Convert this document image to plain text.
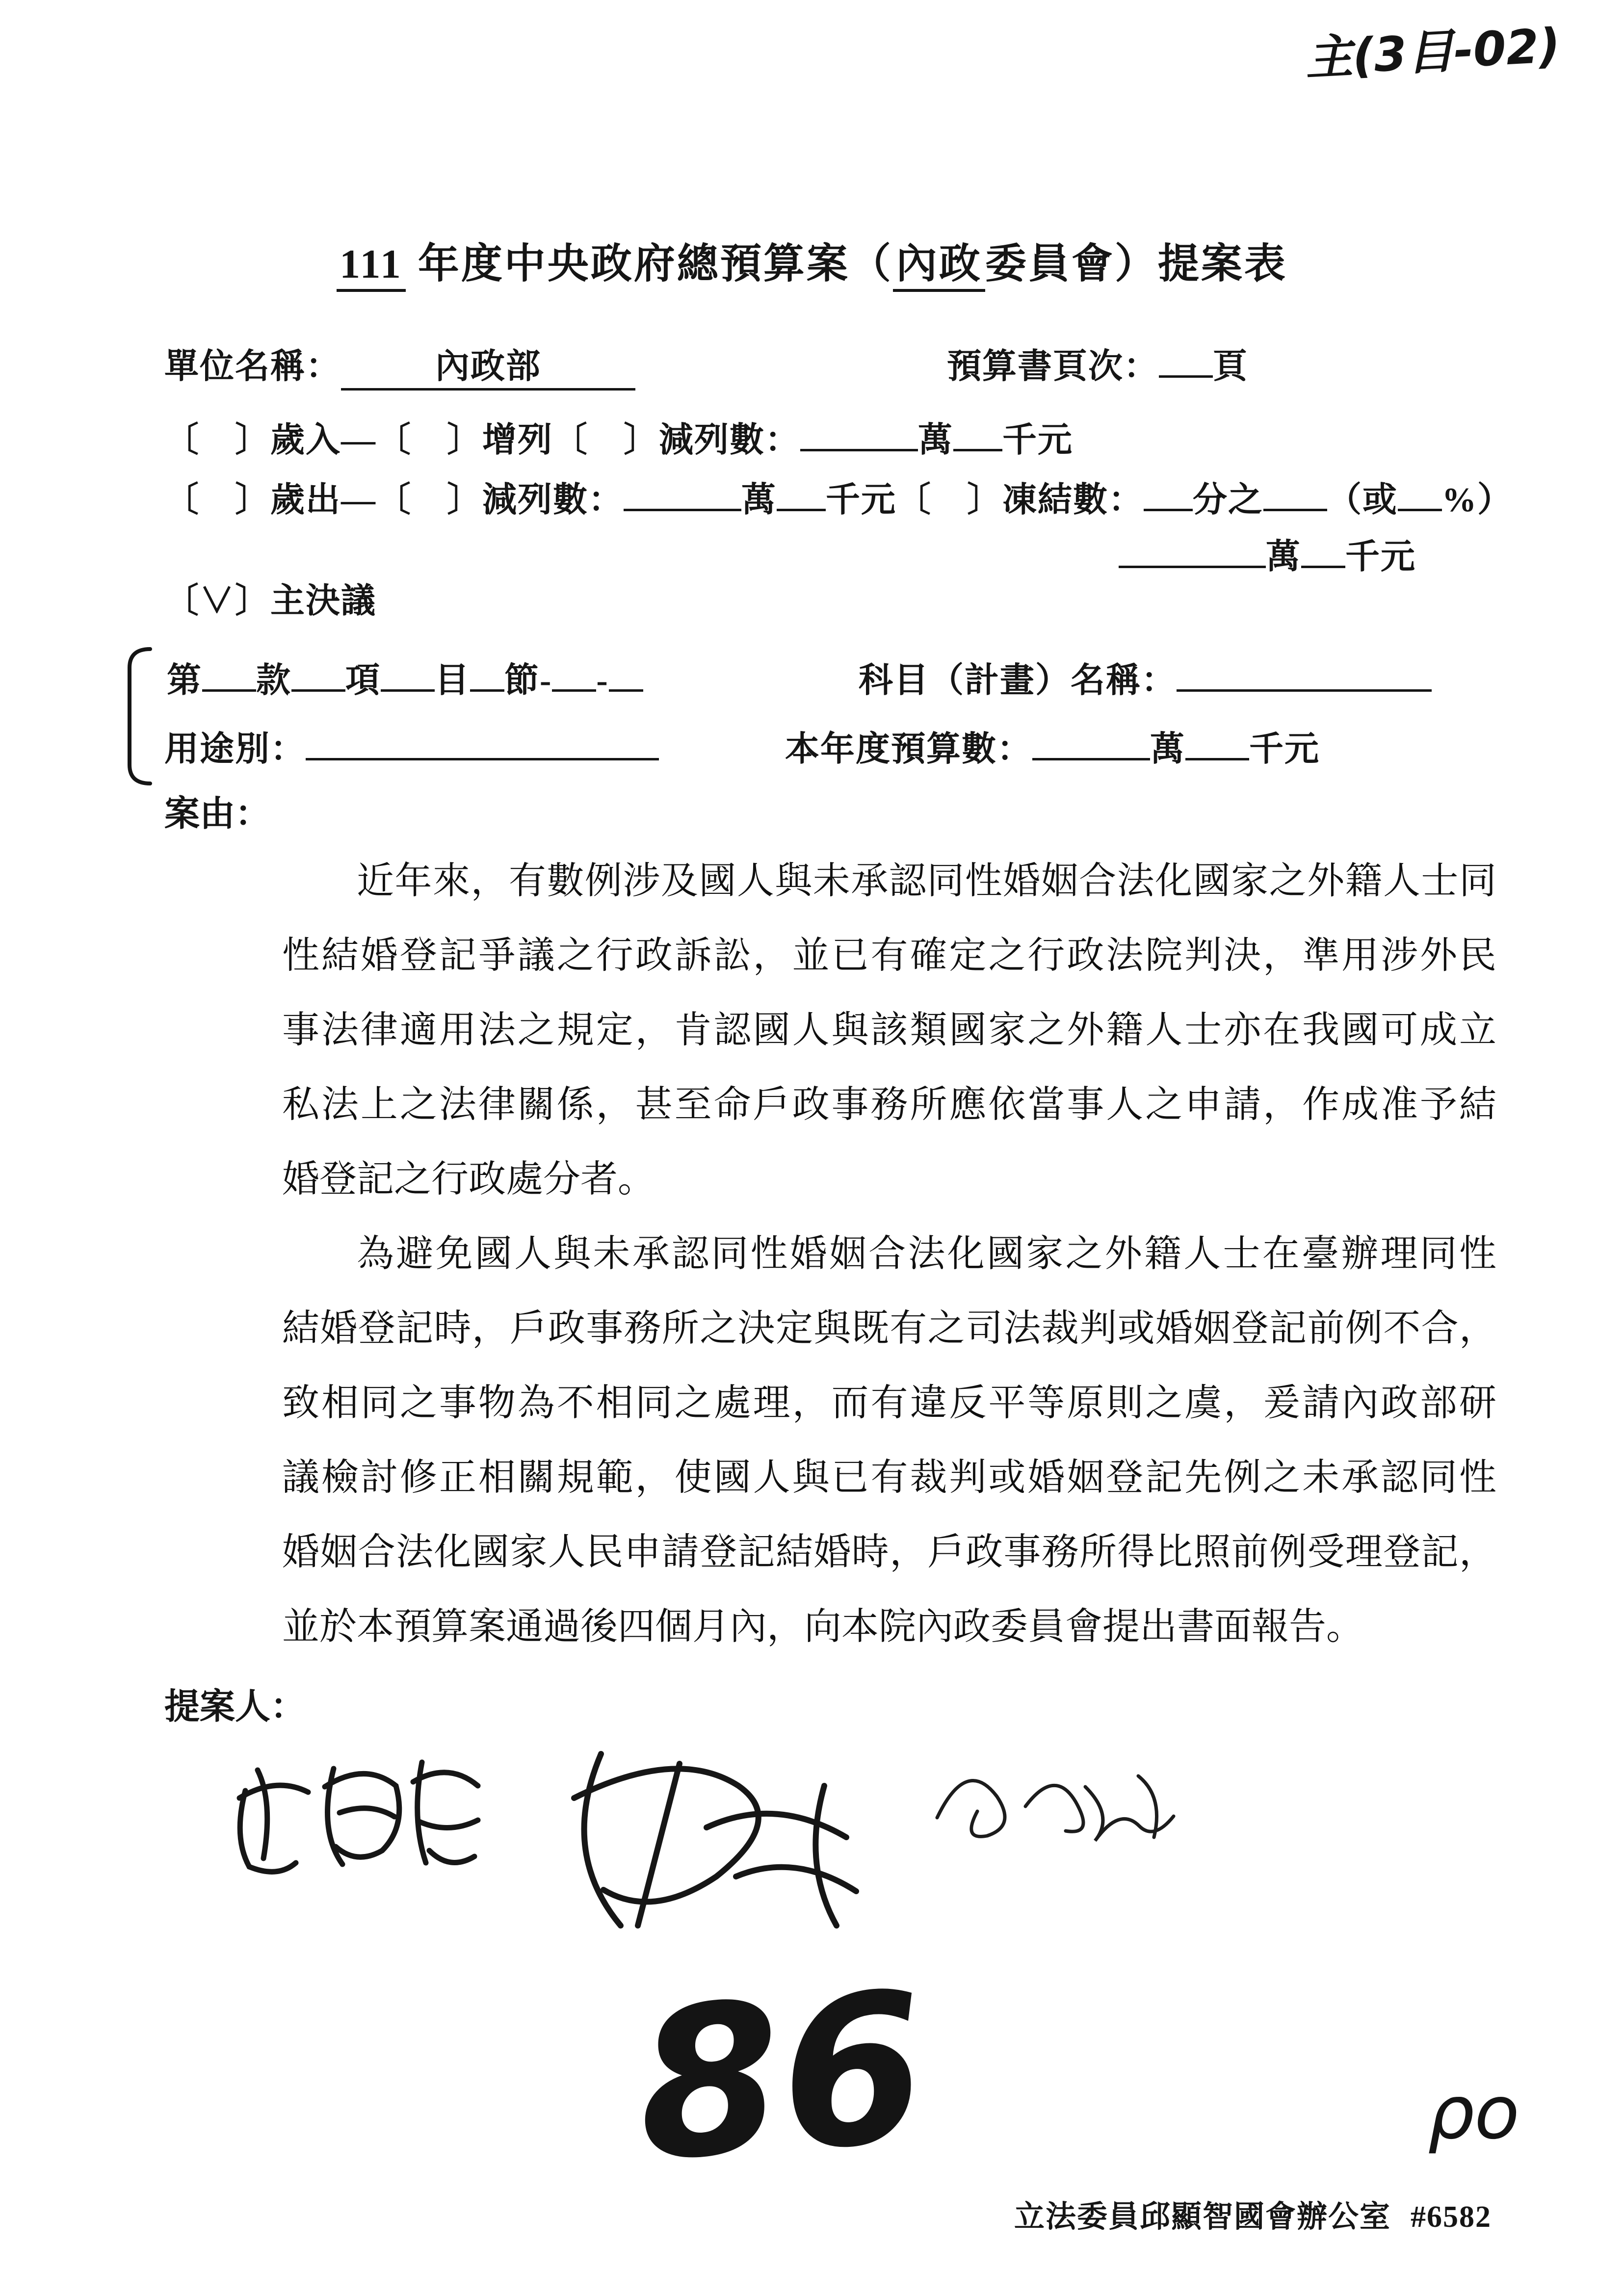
主(3目-02)
111 年度中央政府總預算案（內政委員會）提案表
單位名稱：	內政部	預算書頁次： 頁
〔　〕歲入—〔　〕增列〔　〕減列數：	萬 千元
〔　〕歲出—〔　〕減列數：	萬 千元〔　〕凍結數： 分之 （或 %）
萬 千元
〔∨〕主決議
第 款 項 目 節- -	科目（計畫）名稱：
用途別：	本年度預算數：	萬 千元
案由：
近年來，有數例涉及國人與未承認同性婚姻合法化國家之外籍人士同
性結婚登記爭議之行政訴訟，並已有確定之行政法院判決，準用涉外民
事法律適用法之規定，肯認國人與該類國家之外籍人士亦在我國可成立
私法上之法律關係，甚至命戶政事務所應依當事人之申請，作成准予結
婚登記之行政處分者。
為避免國人與未承認同性婚姻合法化國家之外籍人士在臺辦理同性
結婚登記時，戶政事務所之決定與既有之司法裁判或婚姻登記前例不合，
致相同之事物為不相同之處理，而有違反平等原則之虞，爰請內政部研
議檢討修正相關規範，使國人與已有裁判或婚姻登記先例之未承認同性
婚姻合法化國家人民申請登記結婚時，戶政事務所得比照前例受理登記，
並於本預算案通過後四個月內，向本院內政委員會提出書面報告。
提案人：
86	ρo
立法委員邱顯智國會辦公室 #6582
